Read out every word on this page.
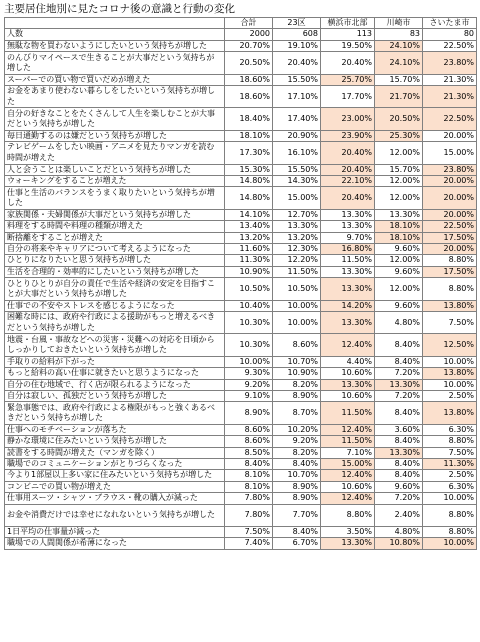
主要居住地別に見たコロナ後の意識と行動の変化
	合計	23区	横浜市北部	川崎市	さいたま市
人数	2000	608	113	83	80
無駄な物を買わないようにしたいという気持ちが増した	20.70%	19.10%	19.50%	24.10%	22.50%
のんびりマイペースで生きることが大事だという気持ちが増した	20.50%	20.40%	20.40%	24.10%	23.80%
スーパーでの買い物で買いだめが増えた	18.60%	15.50%	25.70%	15.70%	21.30%
お金をあまり使わない暮らしをしたいという気持ちが増した	18.60%	17.10%	17.70%	21.70%	21.30%
自分の好きなことをたくさんして人生を楽しむことが大事だという気持ちが増した	18.40%	17.40%	23.00%	20.50%	22.50%
毎日通勤するのは嫌だという気持ちが増した	18.10%	20.90%	23.90%	25.30%	20.00%
テレビゲームをしたい映画・アニメを見たりマンガを読む時間が増えた	17.30%	16.10%	20.40%	12.00%	15.00%
人と会うことは楽しいことだという気持ちが増した	15.30%	15.50%	20.40%	15.70%	23.80%
ウォーキングをすることが増えた	14.80%	14.30%	22.10%	12.00%	20.00%
仕事と生活のバランスをうまく取りたいという気持ちが増した	14.80%	15.00%	20.40%	12.00%	20.00%
家族関係・夫婦関係が大事だという気持ちが増した	14.10%	12.70%	13.30%	13.30%	20.00%
料理をする時間や料理の種類が増えた	13.40%	13.30%	13.30%	18.10%	22.50%
断捨離をすることが増えた	13.20%	13.20%	9.70%	18.10%	17.50%
自分の将来やキャリアについて考えるようになった	11.60%	12.30%	16.80%	9.60%	20.00%
ひとりになりたいと思う気持ちが増した	11.30%	12.20%	11.50%	12.00%	8.80%
生活を合理的・効率的にしたいという気持ちが増した	10.90%	11.50%	13.30%	9.60%	17.50%
ひとりひとりが自分の責任で生活や経済の安定を目指すことが大事だという気持ちが増した	10.50%	10.50%	13.30%	12.00%	8.80%
仕事での不安やストレスを感じるようになった	10.40%	10.00%	14.20%	9.60%	13.80%
困難な時には、政府や行政による援助がもっと増えるべきだという気持ちが増した	10.30%	10.00%	13.30%	4.80%	7.50%
地震・台風・事故などへの災害・災難への対応を日頃からしっかりしておきたいという気持ちが増した	10.30%	8.60%	12.40%	8.40%	12.50%
手取りの給料が下がった	10.00%	10.70%	4.40%	8.40%	10.00%
もっと給料の高い仕事に就きたいと思うようになった	9.30%	10.90%	10.60%	7.20%	13.80%
自分の住む地域で、行く店が限られるようになった	9.20%	8.20%	13.30%	13.30%	10.00%
自分は寂しい、孤独だという気持ちが増した	9.10%	8.90%	10.60%	7.20%	2.50%
緊急事態では、政府や行政による権限がもっと強くあるべきだという気持ちが増した	8.90%	8.70%	11.50%	8.40%	13.80%
仕事へのモチベーションが落ちた	8.60%	10.20%	12.40%	3.60%	6.30%
静かな環境に住みたいという気持ちが増した	8.60%	9.20%	11.50%	8.40%	8.80%
読書をする時間が増えた（マンガを除く）	8.50%	8.20%	7.10%	13.30%	7.50%
職場でのコミュニケーションがとりづらくなった	8.40%	8.40%	15.00%	8.40%	11.30%
今より1部屋以上多い家に住みたいという気持ちが増した	8.10%	10.70%	12.40%	8.40%	2.50%
コンビニでの買い物が増えた	8.10%	8.90%	10.60%	9.60%	6.30%
仕事用スーツ・シャツ・ブラウス・靴の購入が減った	7.80%	8.90%	12.40%	7.20%	10.00%
お金や消費だけでは幸せになれないという気持ちが増した	7.80%	7.70%	8.80%	2.40%	8.80%
1日平均の仕事量が減った	7.50%	8.40%	3.50%	4.80%	8.80%
職場での人間関係が希薄になった	7.40%	6.70%	13.30%	10.80%	10.00%
